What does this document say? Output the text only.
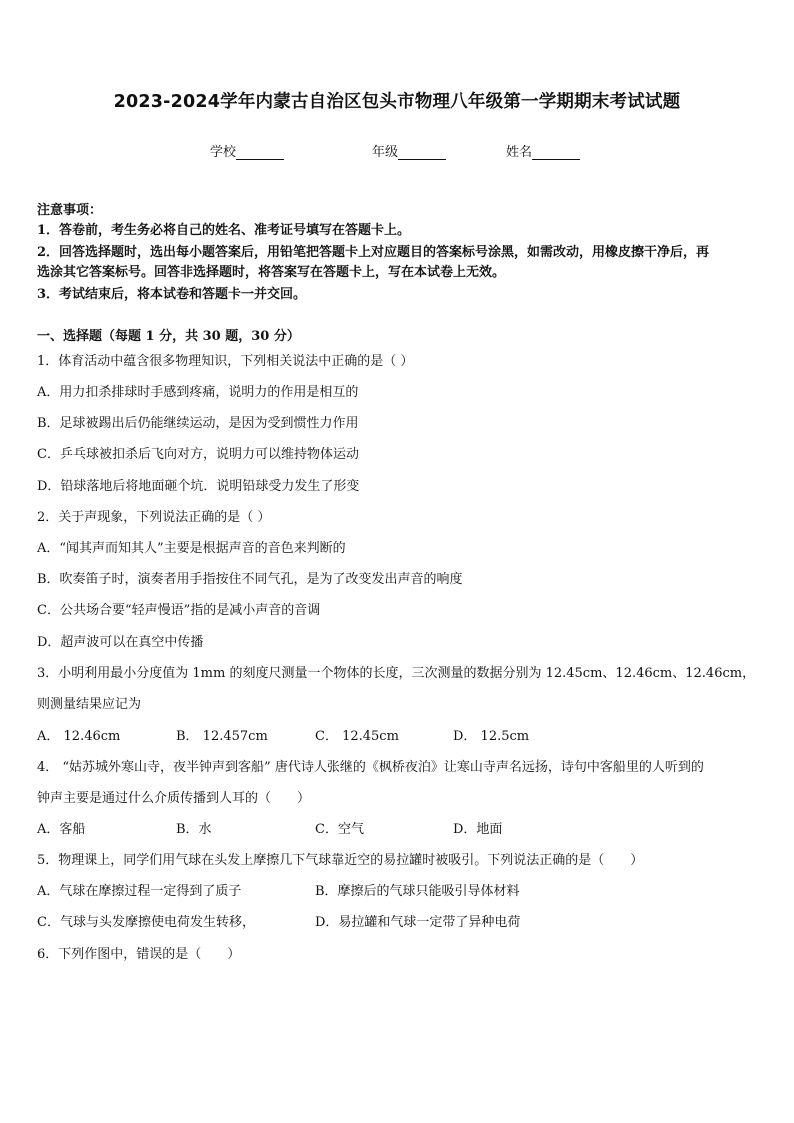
2023-2024学年内蒙古自治区包头市物理八年级第一学期期末考试试题
学校	年级	姓名
注意事项：
1．答卷前，考生务必将自己的姓名、准考证号填写在答题卡上。
2．回答选择题时，选出每小题答案后，用铅笔把答题卡上对应题目的答案标号涂黑，如需改动，用橡皮擦干净后，再
选涂其它答案标号。回答非选择题时，将答案写在答题卡上，写在本试卷上无效。
3．考试结束后，将本试卷和答题卡一并交回。
一、选择题（每题 1 分，共 30 题，30 分）
1．体育活动中蕴含很多物理知识，下列相关说法中正确的是（ ）
A．用力扣杀排球时手感到疼痛，说明力的作用是相互的
B．足球被踢出后仍能继续运动，是因为受到惯性力作用
C．乒乓球被扣杀后飞向对方，说明力可以维持物体运动
D．铅球落地后将地面砸个坑．说明铅球受力发生了形变
2．关于声现象，下列说法正确的是（ ）
A．“闻其声而知其人”主要是根据声音的音色来判断的
B．吹奏笛子时，演奏者用手指按住不同气孔，是为了改变发出声音的响度
C．公共场合要“轻声慢语”指的是减小声音的音调
D．超声波可以在真空中传播
3．小明利用最小分度值为 1mm 的刻度尺测量一个物体的长度，三次测量的数据分别为 12.45cm、12.46cm、12.46cm，
则测量结果应记为
A． 12.46cm	B． 12.457cm	C． 12.45cm	D． 12.5cm
4． “姑苏城外寒山寺，夜半钟声到客船” 唐代诗人张继的《枫桥夜泊》让寒山寺声名远扬，诗句中客船里的人听到的
钟声主要是通过什么介质传播到人耳的（　　）
A．客船	B．水	C．空气	D．地面
5．物理课上，同学们用气球在头发上摩擦几下气球靠近空的易拉罐时被吸引。下列说法正确的是（　　）
A．气球在摩擦过程一定得到了质子	B．摩擦后的气球只能吸引导体材料
C．气球与头发摩擦使电荷发生转移，	D．易拉罐和气球一定带了异种电荷
6．下列作图中，错误的是（　　）
